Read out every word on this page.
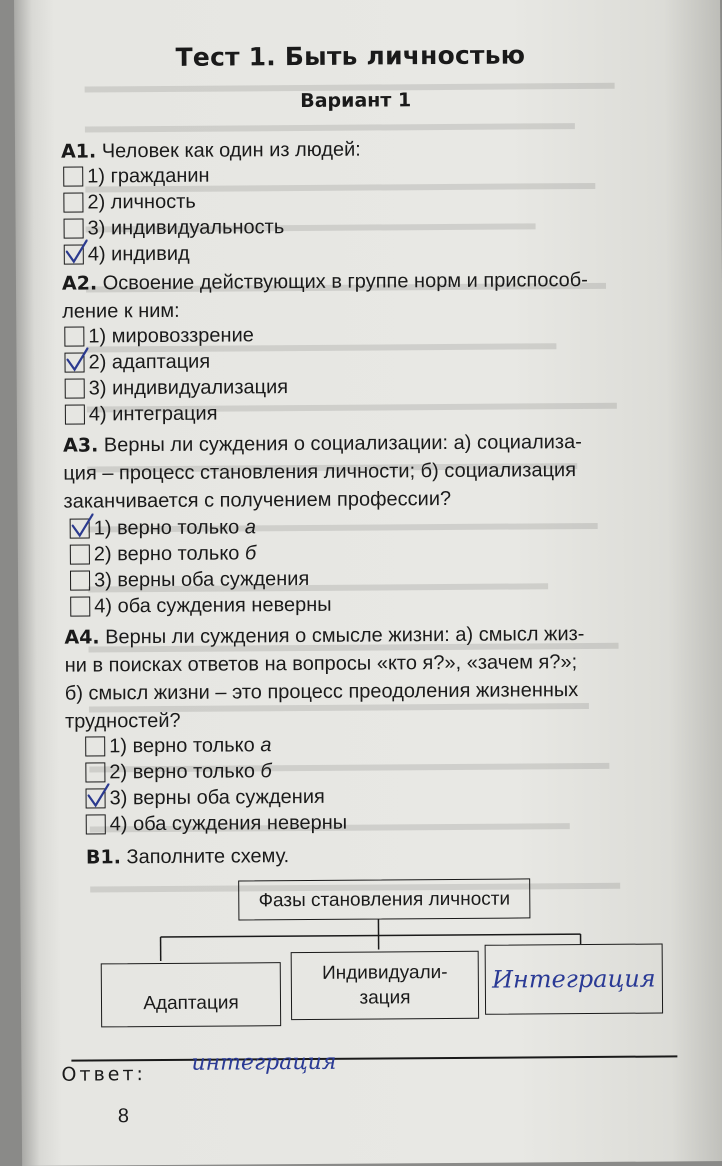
Тест 1. Быть личностью
Вариант 1
А1. Человек как один из людей:
1) гражданин
2) личность
3) индивидуальность
4) индивид
А2. Освоение действующих в группе норм и приспособ-
ление к ним:
1) мировоззрение
2) адаптация
3) индивидуализация
4) интеграция
А3. Верны ли суждения о социализации: а) социализа-
ция – процесс становления личности; б) социализация
заканчивается с получением профессии?
1) верно только
а
2) верно только
б
3) верны оба суждения
4) оба суждения неверны
А4. Верны ли суждения о смысле жизни: а) смысл жиз-
ни в поисках ответов на вопросы «кто я?», «зачем я?»;
б) смысл жизни – это процесс преодоления жизненных
трудностей?
1) верно только
а
2) верно только
б
3) верны оба суждения
4) оба суждения неверны
В1. Заполните схему.
Фазы становления личности
Адаптация
Индивидуали-
зация
Интеграция
Ответ: интеграция
8
